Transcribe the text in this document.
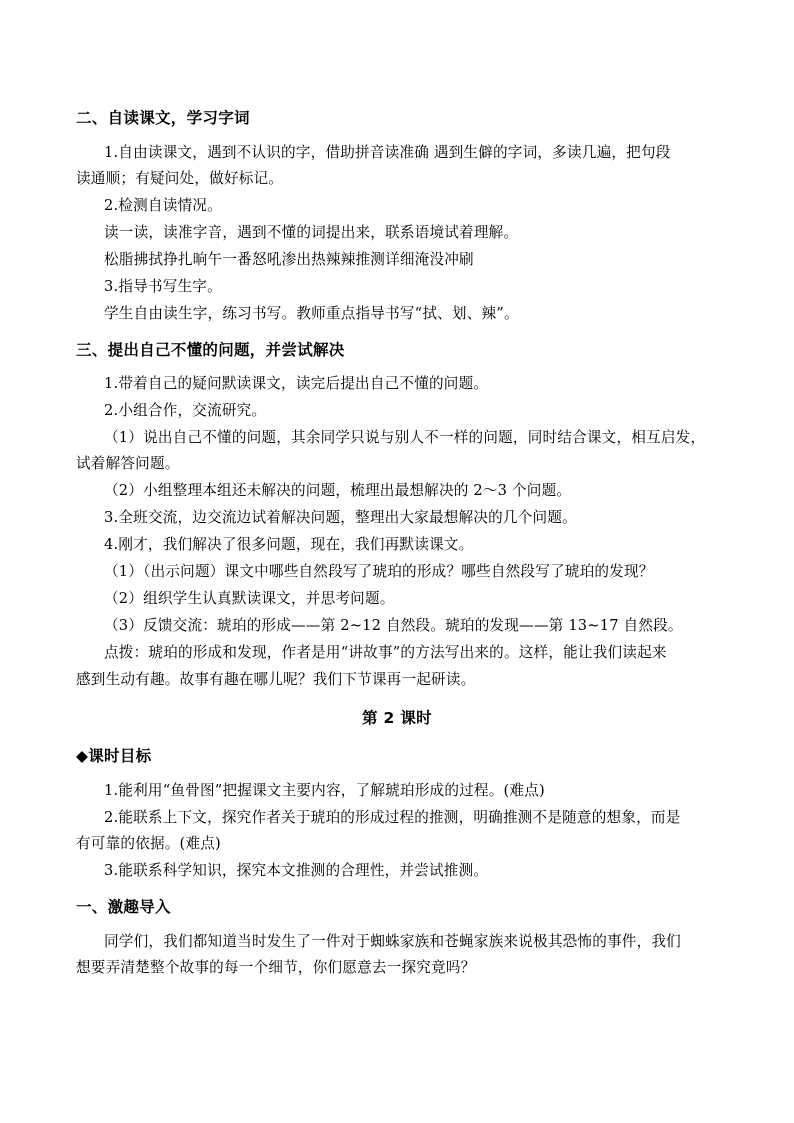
二、自读课文，学习字词
1.自由读课文，遇到不认识的字，借助拼音读准确 遇到生僻的字词，多读几遍，把句段
读通顺；有疑问处，做好标记。
2.检测自读情况。
读一读，读准字音，遇到不懂的词提出来，联系语境试着理解。
松脂拂拭挣扎晌午一番怒吼渗出热辣辣推测详细淹没冲刷
3.指导书写生字。
学生自由读生字，练习书写。教师重点指导书写“拭、划、辣”。
三、提出自己不懂的问题，并尝试解决
1.带着自己的疑问默读课文，读完后提出自己不懂的问题。
2.小组合作，交流研究。
（1）说出自己不懂的问题，其余同学只说与别人不一样的问题，同时结合课文，相互启发，
试着解答问题。
（2）小组整理本组还未解决的问题，梳理出最想解决的 2～3 个问题。
3.全班交流，边交流边试着解决问题，整理出大家最想解决的几个问题。
4.刚才，我们解决了很多问题，现在，我们再默读课文。
（1）（出示问题）课文中哪些自然段写了琥珀的形成？哪些自然段写了琥珀的发现？
（2）组织学生认真默读课文，并思考问题。
（3）反馈交流：琥珀的形成——第 2~12 自然段。琥珀的发现——第 13~17 自然段。
点拨：琥珀的形成和发现，作者是用“讲故事”的方法写出来的。这样，能让我们读起来
感到生动有趣。故事有趣在哪儿呢？我们下节课再一起研读。
第 2 课时
◆课时目标
1.能利用“鱼骨图”把握课文主要内容，了解琥珀形成的过程。(难点)
2.能联系上下文，探究作者关于琥珀的形成过程的推测，明确推测不是随意的想象，而是
有可靠的依据。(难点)
3.能联系科学知识，探究本文推测的合理性，并尝试推测。
一、激趣导入
同学们，我们都知道当时发生了一件对于蜘蛛家族和苍蝇家族来说极其恐怖的事件，我们
想要弄清楚整个故事的每一个细节，你们愿意去一探究竟吗？
